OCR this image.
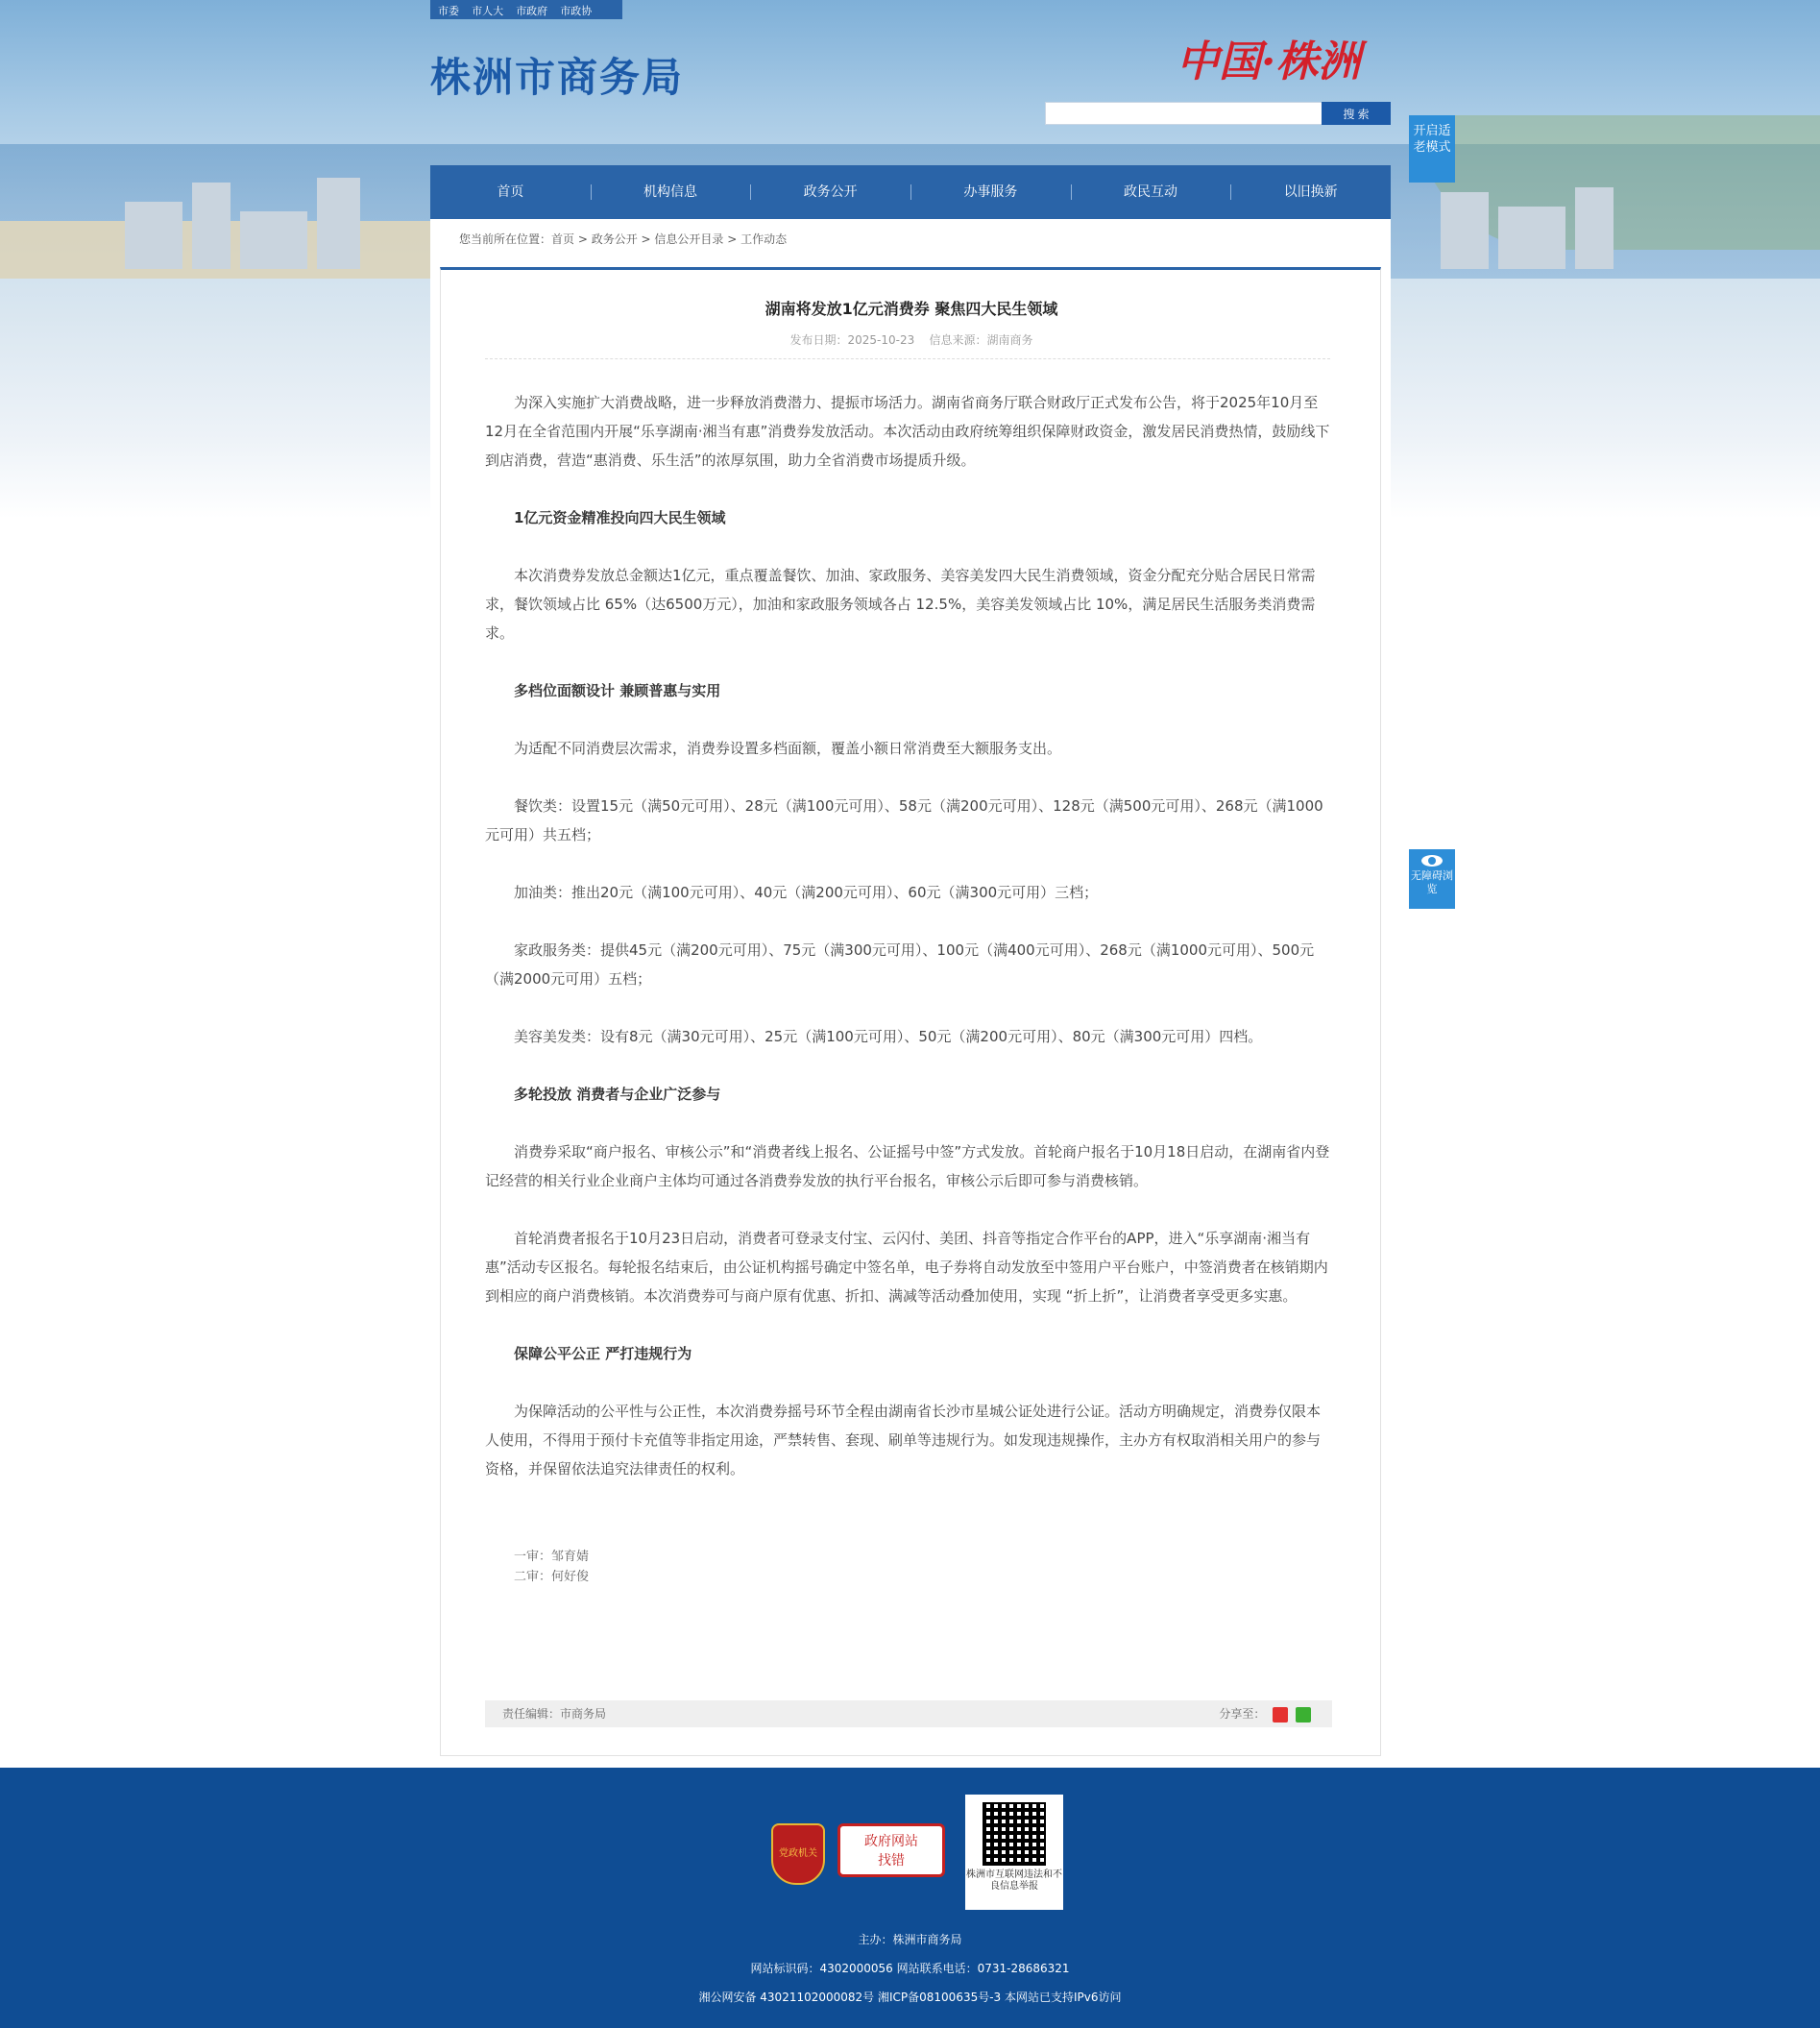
市委 市人大 市政府 市政协
株洲市商务局	中国·株洲
搜 索
开启适老模式
无障碍浏览
首页	机构信息	政务公开	办事服务	政民互动	以旧换新
您当前所在位置：首页 > 政务公开 > 信息公开目录 > 工作动态
湖南将发放1亿元消费券 聚焦四大民生领域
发布日期：2025-10-23    信息来源：湖南商务

为深入实施扩大消费战略，进一步释放消费潜力、提振市场活力。湖南省商务厅联合财政厅正式发布公告，将于2025年10月至12月在全省范围内开展“乐享湖南·湘当有惠”消费券发放活动。本次活动由政府统筹组织保障财政资金，激发居民消费热情，鼓励线下到店消费，营造“惠消费、乐生活”的浓厚氛围，助力全省消费市场提质升级。

1亿元资金精准投向四大民生领域

本次消费券发放总金额达1亿元，重点覆盖餐饮、加油、家政服务、美容美发四大民生消费领域，资金分配充分贴合居民日常需求，餐饮领域占比 65%（达6500万元），加油和家政服务领域各占 12.5%，美容美发领域占比 10%，满足居民生活服务类消费需求。

多档位面额设计 兼顾普惠与实用

为适配不同消费层次需求，消费券设置多档面额，覆盖小额日常消费至大额服务支出。

餐饮类：设置15元（满50元可用）、28元（满100元可用）、58元（满200元可用）、128元（满500元可用）、268元（满1000元可用）共五档；

加油类：推出20元（满100元可用）、40元（满200元可用）、60元（满300元可用）三档；

家政服务类：提供45元（满200元可用）、75元（满300元可用）、100元（满400元可用）、268元（满1000元可用）、500元（满2000元可用）五档；

美容美发类：设有8元（满30元可用）、25元（满100元可用）、50元（满200元可用）、80元（满300元可用）四档。

多轮投放 消费者与企业广泛参与

消费券采取“商户报名、审核公示”和“消费者线上报名、公证摇号中签”方式发放。首轮商户报名于10月18日启动，在湖南省内登记经营的相关行业企业商户主体均可通过各消费券发放的执行平台报名，审核公示后即可参与消费核销。

首轮消费者报名于10月23日启动，消费者可登录支付宝、云闪付、美团、抖音等指定合作平台的APP，进入“乐享湖南·湘当有惠”活动专区报名。每轮报名结束后，由公证机构摇号确定中签名单，电子券将自动发放至中签用户平台账户，中签消费者在核销期内到相应的商户消费核销。本次消费券可与商户原有优惠、折扣、满减等活动叠加使用，实现 “折上折”，让消费者享受更多实惠。

保障公平公正 严打违规行为

为保障活动的公平性与公正性，本次消费券摇号环节全程由湖南省长沙市星城公证处进行公证。活动方明确规定，消费券仅限本人使用，不得用于预付卡充值等非指定用途，严禁转售、套现、刷单等违规行为。如发现违规操作，主办方有权取消相关用户的参与资格，并保留依法追究法律责任的权利。

一审：邹育婧
二审：何好俊
责任编辑：市商务局	分享至：
党政机关
政府网站
找错
株洲市互联网违法和不良信息举报
主办：株洲市商务局
网站标识码：4302000056 网站联系电话：0731-28686321
湘公网安备 43021102000082号 湘ICP备08100635号-3 本网站已支持IPv6访问
